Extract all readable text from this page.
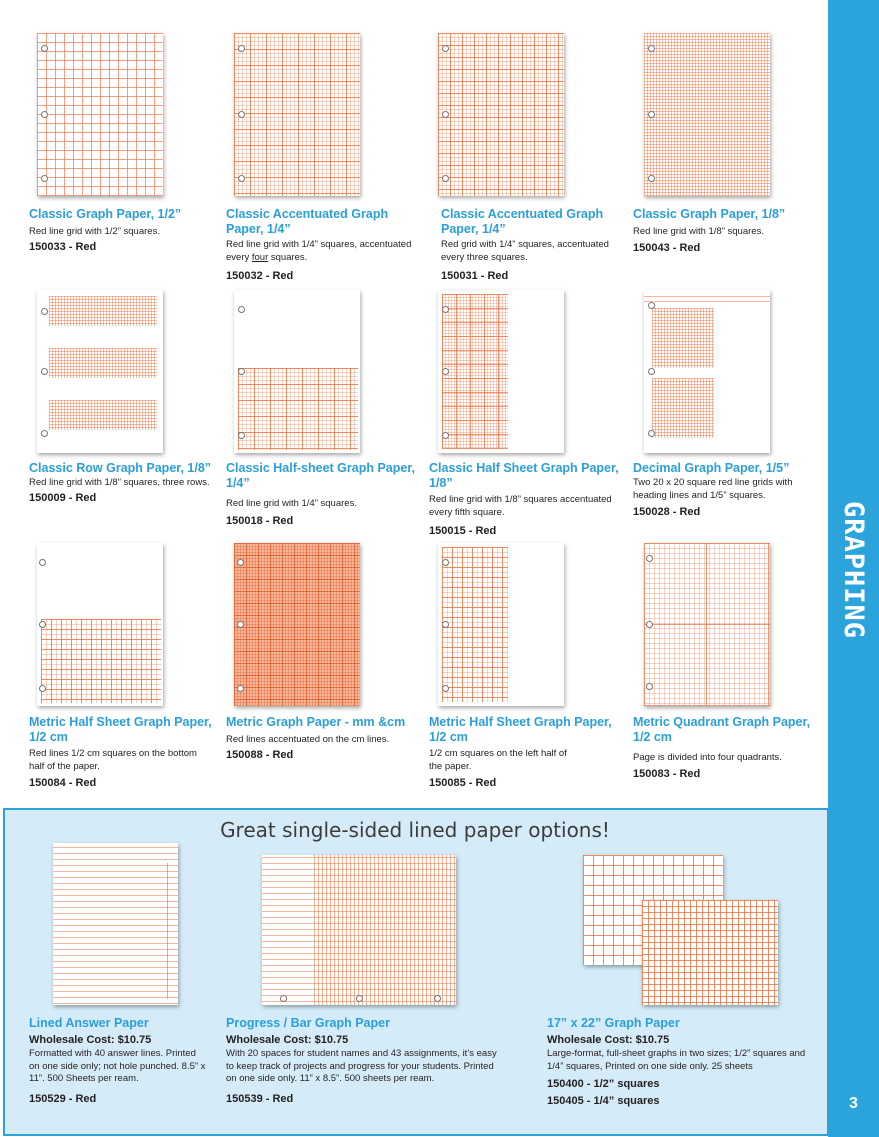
GRAPHING
3
Classic Graph Paper, 1/2”
Red line grid with 1/2” squares.
150033 - Red
Classic Accentuated Graph Paper, 1/4”
Red line grid with 1/4” squares, accentuated every four squares.
150032 - Red
Classic Accentuated Graph Paper, 1/4”
Red grid with 1/4” squares, accentuated every three squares.
150031 - Red
Classic Graph Paper, 1/8”
Red line grid with 1/8” squares.
150043 - Red
Classic Row Graph Paper, 1/8”
Red line grid with 1/8” squares, three rows.
150009 - Red
Classic Half-sheet Graph Paper, 1/4”
Red line grid with 1/4” squares.
150018 - Red
Classic Half Sheet Graph Paper, 1/8”
Red line grid with 1/8” squares accentuated every fifth square.
150015 - Red
Decimal Graph Paper, 1/5”
Two 20 x 20 square red line grids with heading lines and 1/5” squares.
150028 - Red
Metric Half Sheet Graph Paper, 1/2 cm
Red lines 1/2 cm squares on the bottom half of the paper.
150084 - Red
Metric Graph Paper - mm &cm
Red lines accentuated on the cm lines.
150088 - Red
Metric Half Sheet Graph Paper, 1/2 cm
1/2 cm squares on the left half of the paper.
150085 - Red
Metric Quadrant Graph Paper, 1/2 cm
Page is divided into four quadrants.
150083 - Red
Great single-sided lined paper options!
Lined Answer Paper
Wholesale Cost: $10.75
Formatted with 40 answer lines. Printed on one side only; not hole punched. 8.5” x 11”. 500 Sheets per ream.
150529 - Red
Progress / Bar Graph Paper
Wholesale Cost: $10.75
With 20 spaces for student names and 43 assignments, it’s easy to keep track of projects and progress for your students. Printed on one side only. 11” x 8.5”. 500 sheets per ream.
150539 - Red
17” x 22” Graph Paper
Wholesale Cost: $10.75
Large-format, full-sheet graphs in two sizes; 1/2” squares and 1/4” squares, Printed on one side only. 25 sheets
150400 - 1/2” squares
150405 - 1/4” squares
